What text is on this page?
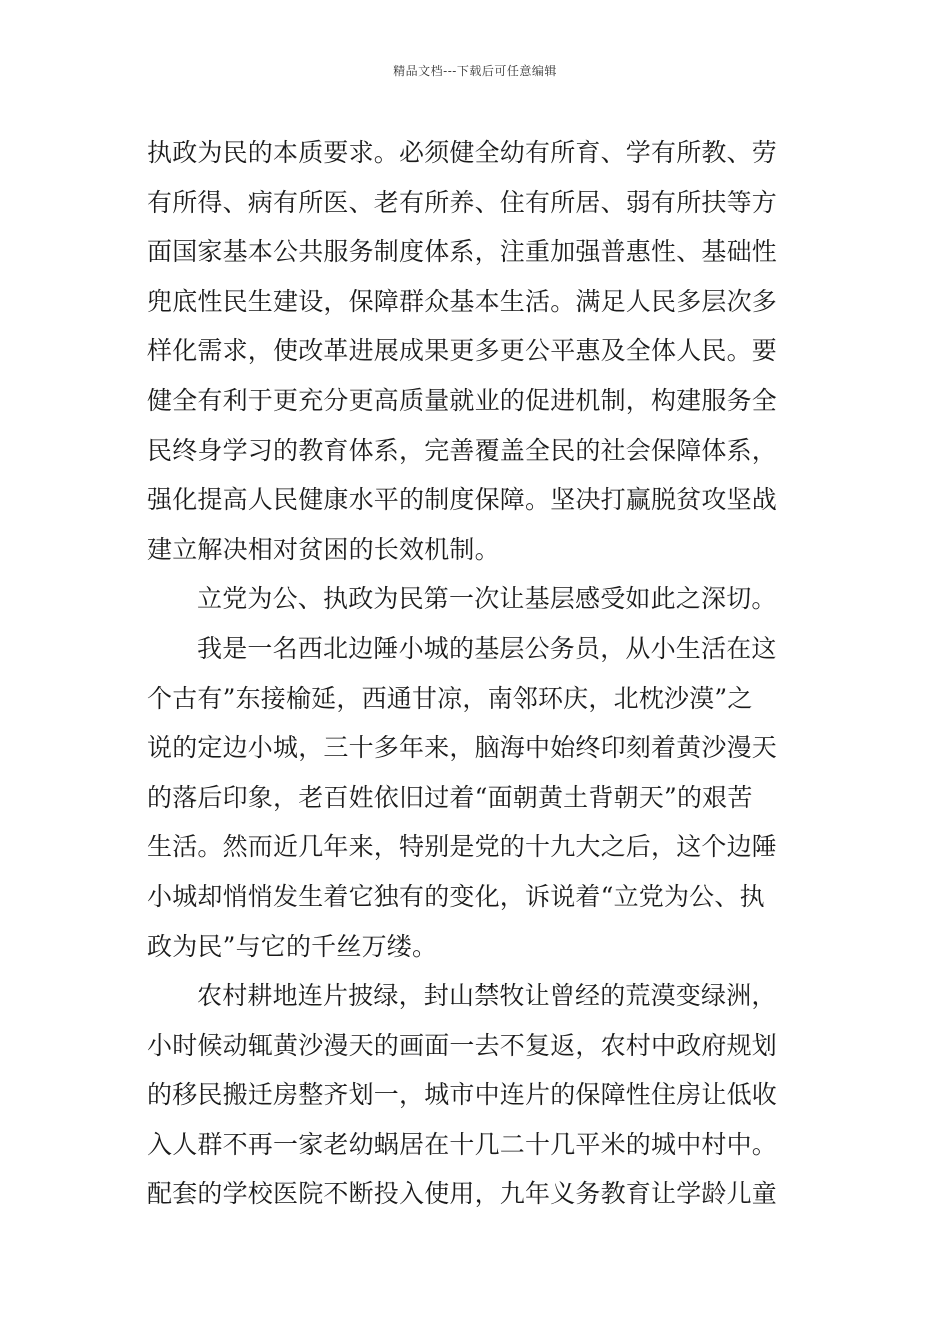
精品文档---下载后可任意编辑
执政为民的本质要求。必须健全幼有所育、学有所教、劳
有所得、病有所医、老有所养、住有所居、弱有所扶等方
面国家基本公共服务制度体系，注重加强普惠性、基础性
兜底性民生建设，保障群众基本生活。满足人民多层次多
样化需求，使改革进展成果更多更公平惠及全体人民。要
健全有利于更充分更高质量就业的促进机制，构建服务全
民终身学习的教育体系，完善覆盖全民的社会保障体系，
强化提高人民健康水平的制度保障。坚决打赢脱贫攻坚战
建立解决相对贫困的长效机制。
立党为公、执政为民第一次让基层感受如此之深切。
我是一名西北边陲小城的基层公务员，从小生活在这
个古有”东接榆延，西通甘凉，南邻环庆，北枕沙漠”之
说的定边小城，三十多年来，脑海中始终印刻着黄沙漫天
的落后印象，老百姓依旧过着“面朝黄土背朝天”的艰苦
生活。然而近几年来，特别是党的十九大之后，这个边陲
小城却悄悄发生着它独有的变化，诉说着“立党为公、执
政为民”与它的千丝万缕。
农村耕地连片披绿，封山禁牧让曾经的荒漠变绿洲，
小时候动辄黄沙漫天的画面一去不复返，农村中政府规划
的移民搬迁房整齐划一，城市中连片的保障性住房让低收
入人群不再一家老幼蜗居在十几二十几平米的城中村中。
配套的学校医院不断投入使用，九年义务教育让学龄儿童
